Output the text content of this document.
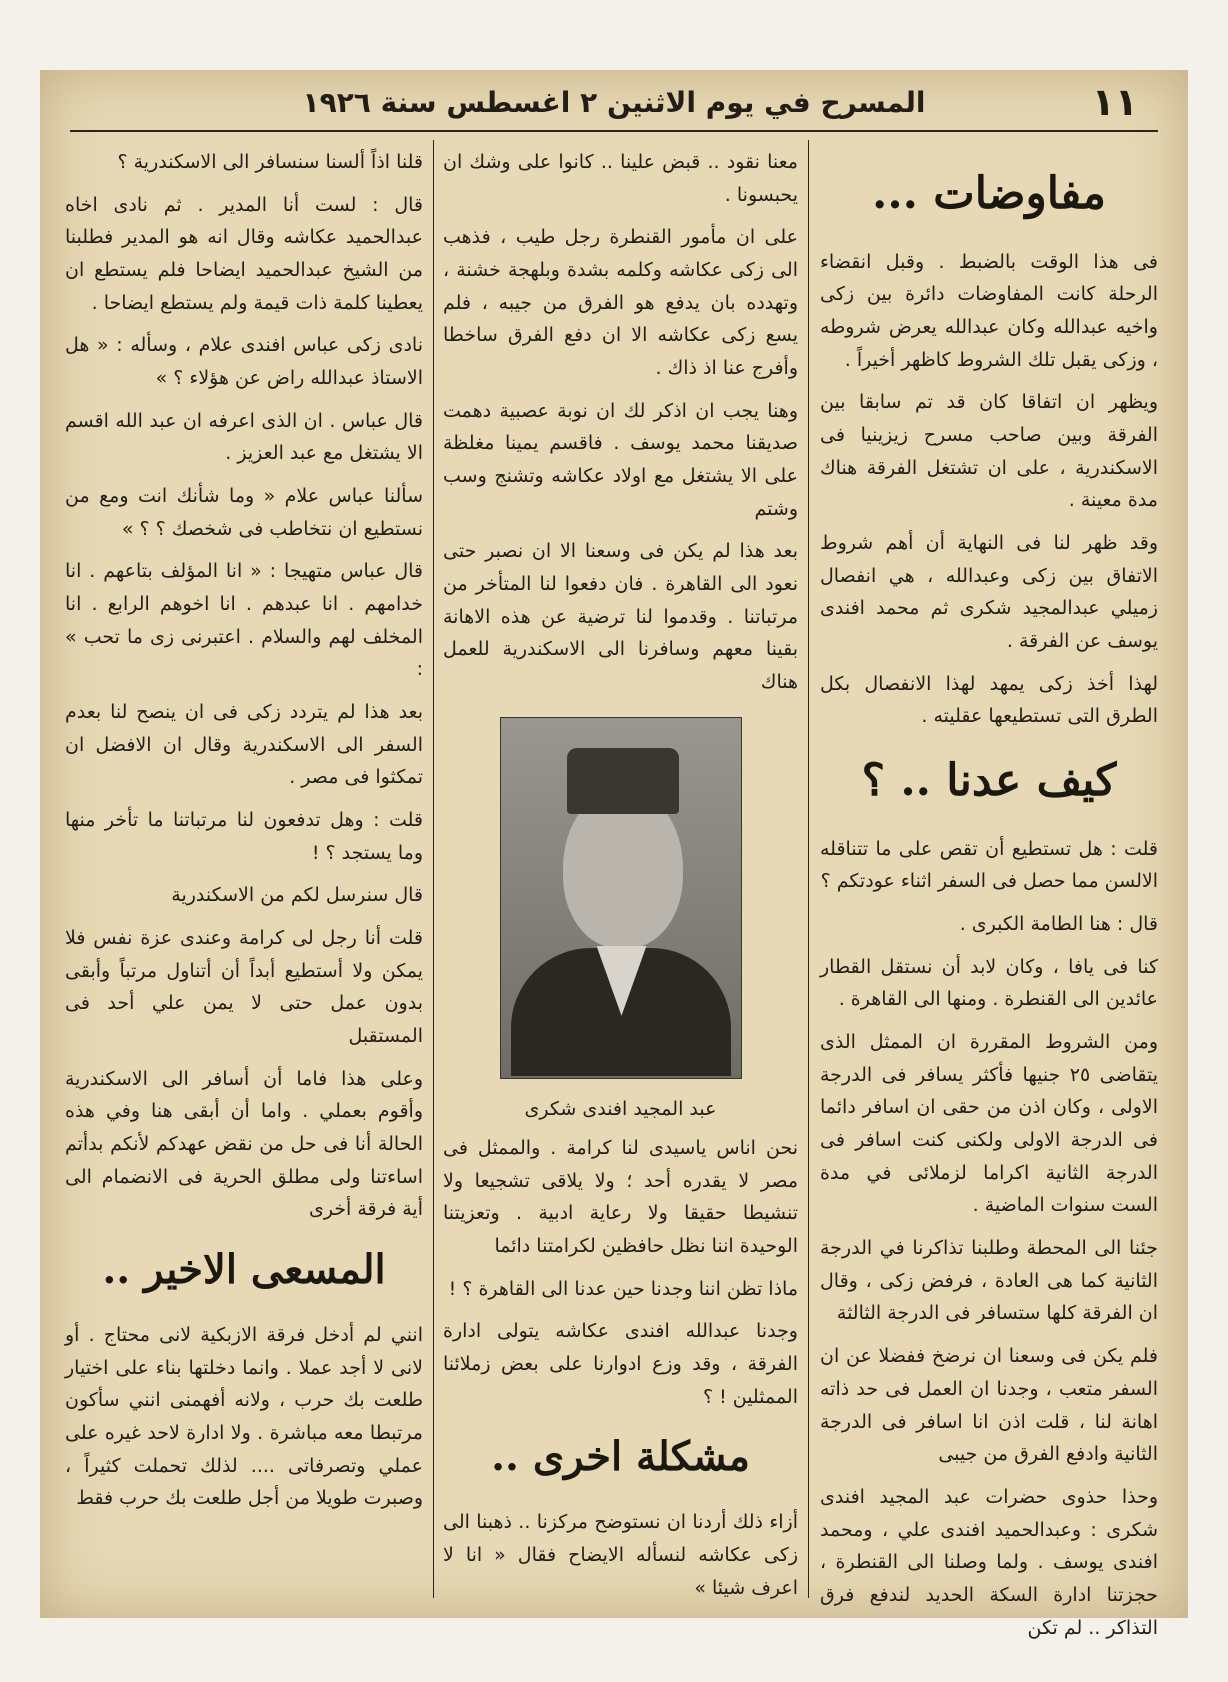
١١
المسرح في يوم الاثنين ٢ اغسطس سنة ١٩٢٦
مفاوضات ...

فى هذا الوقت بالضبط . وقبل انقضاء الرحلة كانت المفاوضات دائرة بين زكى واخيه عبدالله وكان عبدالله يعرض شروطه ، وزكى يقبل تلك الشروط كاظهر أخيراً .

ويظهر ان اتفاقا كان قد تم سابقا بين الفرقة وبين صاحب مسرح زيزينيا فى الاسكندرية ، على ان تشتغل الفرقة هناك مدة معينة .

وقد ظهر لنا فى النهاية أن أهم شروط الاتفاق بين زكى وعبدالله ، هي انفصال زميلي عبدالمجيد شكرى ثم محمد افندى يوسف عن الفرقة .

لهذا أخذ زكى يمهد لهذا الانفصال بكل الطرق التى تستطيعها عقليته .

كيف عدنا .. ؟

قلت : هل تستطيع أن تقص على ما تتناقله الالسن مما حصل فى السفر اثناء عودتكم ؟

قال : هنا الطامة الكبرى .

كنا فى يافا ، وكان لابد أن نستقل القطار عائدين الى القنطرة . ومنها الى القاهرة .

ومن الشروط المقررة ان الممثل الذى يتقاضى ٢٥ جنيها فأكثر يسافر فى الدرجة الاولى ، وكان اذن من حقى ان اسافر دائما فى الدرجة الاولى ولكنى كنت اسافر فى الدرجة الثانية اكراما لزملائى في مدة الست سنوات الماضية .

جئنا الى المحطة وطلبنا تذاكرنا في الدرجة الثانية كما هى العادة ، فرفض زكى ، وقال ان الفرقة كلها ستسافر فى الدرجة الثالثة

فلم يكن فى وسعنا ان نرضخ ففضلا عن ان السفر متعب ، وجدنا ان العمل فى حد ذاته اهانة لنا ، قلت اذن انا اسافر فى الدرجة الثانية وادفع الفرق من جيبى

وحذا حذوى حضرات عبد المجيد افندى شكرى : وعبدالحميد افندى علي ، ومحمد افندى يوسف . ولما وصلنا الى القنطرة ، حجزتنا ادارة السكة الحديد لندفع فرق التذاكر .. لم تكن

معنا نقود .. قبض علينا .. كانوا على وشك ان يحبسونا .

على ان مأمور القنطرة رجل طيب ، فذهب الى زكى عكاشه وكلمه بشدة وبلهجة خشنة ، وتهدده بان يدفع هو الفرق من جيبه ، فلم يسع زكى عكاشه الا ان دفع الفرق ساخطا وأفرج عنا اذ ذاك .

وهنا يجب ان اذكر لك ان نوبة عصبية دهمت صديقنا محمد يوسف . فاقسم يمينا مغلظة على الا يشتغل مع اولاد عكاشه وتشنج وسب وشتم

بعد هذا لم يكن فى وسعنا الا ان نصبر حتى نعود الى القاهرة . فان دفعوا لنا المتأخر من مرتباتنا . وقدموا لنا ترضية عن هذه الاهانة بقينا معهم وسافرنا الى الاسكندرية للعمل هناك

عبد المجيد افندى شكرى

نحن اناس ياسيدى لنا كرامة . والممثل فى مصر لا يقدره أحد ؛ ولا يلاقى تشجيعا ولا تنشيطا حقيقا ولا رعاية ادبية . وتعزيتنا الوحيدة اننا نظل حافظين لكرامتنا دائما

ماذا تظن اننا وجدنا حين عدنا الى القاهرة ؟ !

وجدنا عبدالله افندى عكاشه يتولى ادارة الفرقة ، وقد وزع ادوارنا على بعض زملائنا الممثلين ! ؟

مشكلة اخرى ..

أزاء ذلك أردنا ان نستوضح مركزنا .. ذهبنا الى زكى عكاشه لنسأله الايضاح فقال « انا لا اعرف شيئا »

قلنا اذاً ألسنا سنسافر الى الاسكندرية ؟

قال : لست أنا المدير . ثم نادى اخاه عبدالحميد عكاشه وقال انه هو المدير فطلبنا من الشيخ عبدالحميد ايضاحا فلم يستطع ان يعطينا كلمة ذات قيمة ولم يستطع ايضاحا .

نادى زكى عباس افندى علام ، وسأله : « هل الاستاذ عبدالله راض عن هؤلاء ؟ »

قال عباس . ان الذى اعرفه ان عبد الله اقسم الا يشتغل مع عبد العزيز .

سألنا عباس علام « وما شأنك انت ومع من نستطيع ان نتخاطب فى شخصك ؟ ؟ »

قال عباس متهيجا : « انا المؤلف بتاعهم . انا خدامهم . انا عبدهم . انا اخوهم الرابع . انا المخلف لهم والسلام . اعتبرنى زى ما تحب » :

بعد هذا لم يتردد زكى فى ان ينصح لنا بعدم السفر الى الاسكندرية وقال ان الافضل ان تمكثوا فى مصر .

قلت : وهل تدفعون لنا مرتباتنا ما تأخر منها وما يستجد ؟ !

قال سنرسل لكم من الاسكندرية

قلت أنا رجل لى كرامة وعندى عزة نفس فلا يمكن ولا أستطيع أبداً أن أتناول مرتباً وأبقى بدون عمل حتى لا يمن علي أحد فى المستقبل

وعلى هذا فاما أن أسافر الى الاسكندرية وأقوم بعملي . واما أن أبقى هنا وفي هذه الحالة أنا فى حل من نقض عهدكم لأنكم بدأتم اساءتنا ولى مطلق الحرية فى الانضمام الى أية فرقة أخرى

المسعى الاخير ..

انني لم أدخل فرقة الازبكية لانى محتاج . أو لانى لا أجد عملا . وانما دخلتها بناء على اختيار طلعت بك حرب ، ولانه أفهمنى انني سأكون مرتبطا معه مباشرة . ولا ادارة لاحد غيره على عملي وتصرفاتى .... لذلك تحملت كثيراً ، وصبرت طويلا من أجل طلعت بك حرب فقط
